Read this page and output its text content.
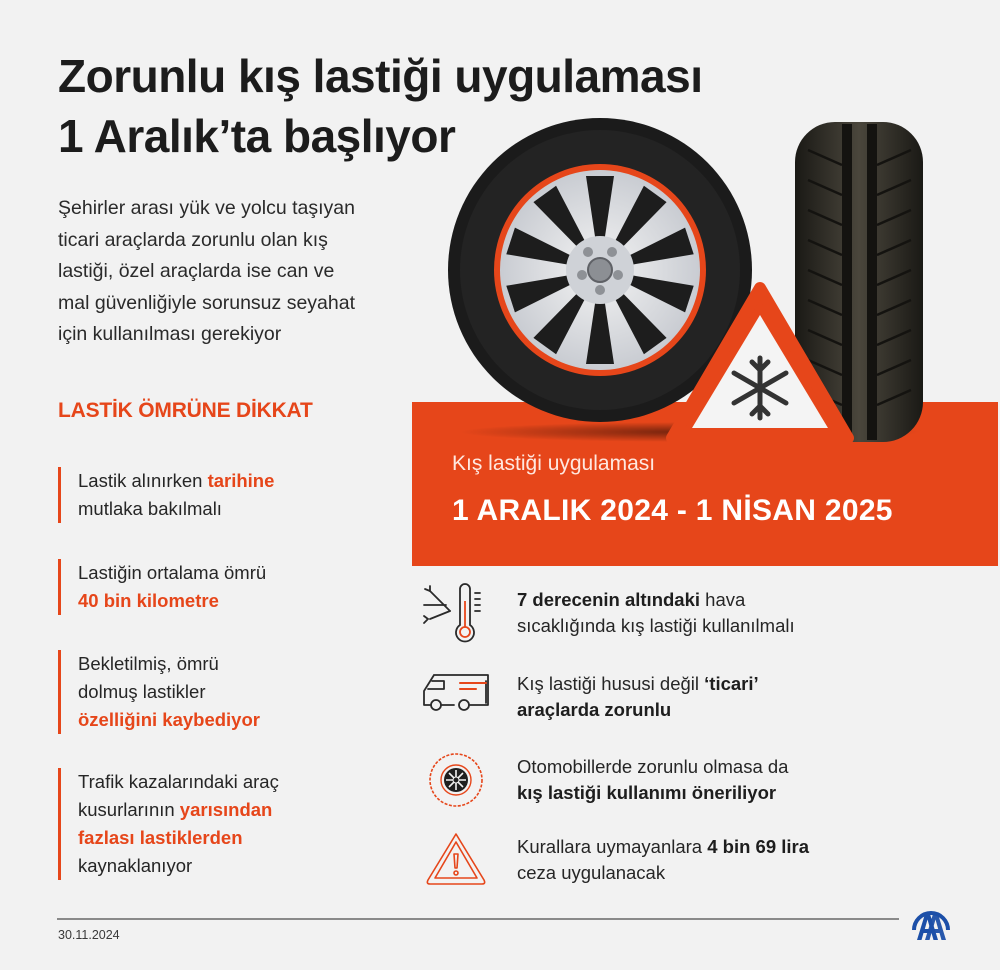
Zorunlu kış lastiği uygulaması
1 Aralık’ta başlıyor

Şehirler arası yük ve yolcu taşıyan
ticari araçlarda zorunlu olan kış
lastiği, özel araçlarda ise can ve
mal güvenliğiyle sorunsuz seyahat
için kullanılması gerekiyor

LASTİK ÖMRÜNE DİKKAT
Lastik alınırken tarihine
mutlaka bakılmalı
Lastiğin ortalama ömrü
40 bin kilometre
Bekletilmiş, ömrü
dolmuş lastikler
özelliğini kaybediyor
Trafik kazalarındaki araç
kusurlarının yarısından
fazlası lastiklerden
kaynaklanıyor
Kış lastiği uygulaması
1 ARALIK 2024 - 1 NİSAN 2025
7 derecenin altındaki hava
sıcaklığında kış lastiği kullanılmalı
Kış lastiği hususi değil ‘ticari’
araçlarda zorunlu
Otomobillerde zorunlu olmasa da
kış lastiği kullanımı öneriliyor
Kurallara uymayanlara 4 bin 69 lira
ceza uygulanacak
30.11.2024
